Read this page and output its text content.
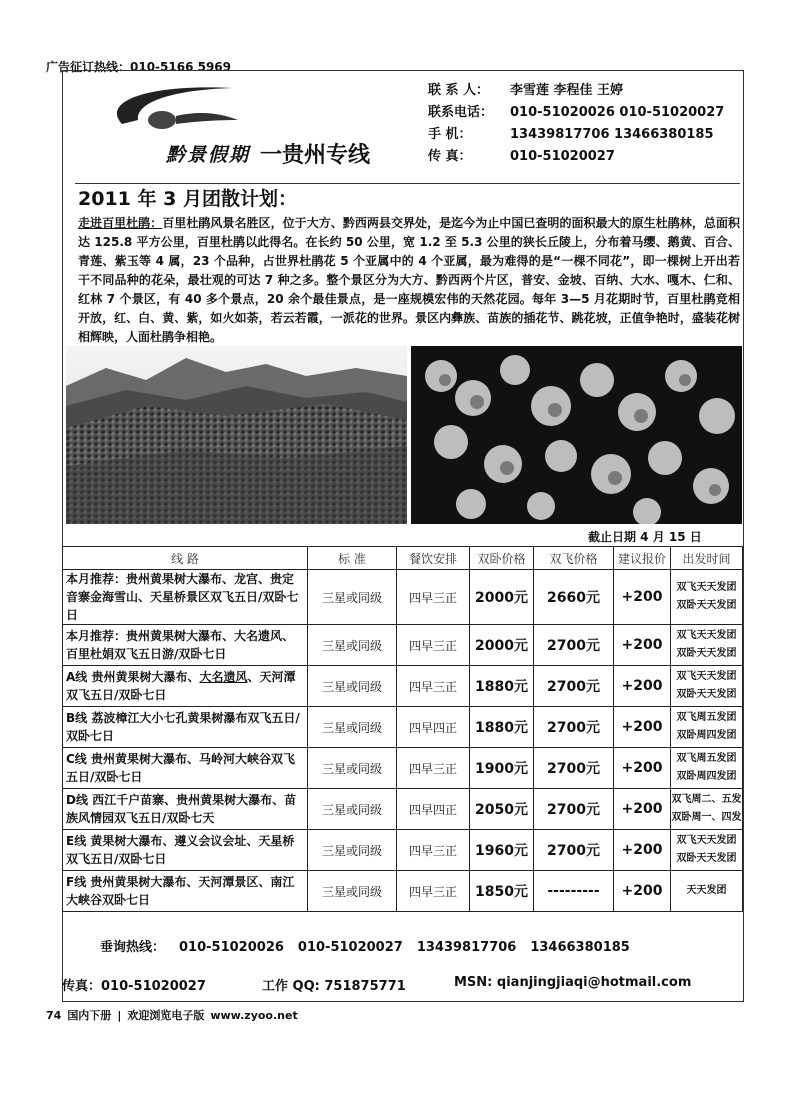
广告征订热线：010-5166 5969
黔景假期 一贵州专线
联 系 人： 李雪莲 李程佳 王婷
联系电话： 010-51020026 010-51020027
手 机：	13439817706 13466380185
传 真：	010-51020027
2011 年 3 月团散计划：
走进百里杜鹃：百里杜鹃风景名胜区，位于大方、黔西两县交界处，是迄今为止中国已查明的面积最大的原生杜鹃林，总面积达 125.8 平方公里，百里杜鹃以此得名。在长约 50 公里，宽 1.2 至 5.3 公里的狭长丘陵上，分布着马缨、鹅黄、百合、青莲、紫玉等 4 属，23 个品种，占世界杜鹃花 5 个亚属中的 4 个亚属，最为难得的是“一棵不同花”，即一棵树上开出若干不同品种的花朵，最壮观的可达 7 种之多。整个景区分为大方、黔西两个片区，普安、金坡、百纳、大水、嘎木、仁和、红林 7 个景区，有 40 多个景点，20 余个最佳景点，是一座规模宏伟的天然花园。每年 3—5 月花期时节，百里杜鹃竞相开放，红、白、黄、紫，如火如荼，若云若霞，一派花的世界。景区内彝族、苗族的插花节、跳花坡，正值争艳时，盛装花树相辉映，人面杜鹃争相艳。
截止日期 4 月 15 日
线 路	标 准	餐饮安排	双卧价格	双飞价格	建议报价	出发时间
本月推荐：贵州黄果树大瀑布、龙宫、贵定音寨金海雪山、天星桥景区双飞五日/双卧七日	三星或同级	四早三正	2000元	2660元	+200	双飞天天发团
双卧天天发团

本月推荐：贵州黄果树大瀑布、大名遗风、百里杜娟双飞五日游/双卧七日	三星或同级	四早三正	2000元	2700元	+200	双飞天天发团
双卧天天发团

A线 贵州黄果树大瀑布、大名遗风、天河潭双飞五日/双卧七日	三星或同级	四早三正	1880元	2700元	+200	双飞天天发团
双卧天天发团

B线 荔波樟江大小七孔黄果树瀑布双飞五日/双卧七日	三星或同级	四早四正	1880元	2700元	+200	双飞周五发团
双卧周四发团

C线 贵州黄果树大瀑布、马岭河大峡谷双飞五日/双卧七日	三星或同级	四早三正	1900元	2700元	+200	双飞周五发团
双卧周四发团

D线 西江千户苗寨、贵州黄果树大瀑布、苗族风情园双飞五日/双卧七天	三星或同级	四早四正	2050元	2700元	+200	双飞周二、五发
双卧周一、四发

E线 黄果树大瀑布、遵义会议会址、天星桥双飞五日/双卧七日	三星或同级	四早三正	1960元	2700元	+200	双飞天天发团
双卧天天发团

F线 贵州黄果树大瀑布、天河潭景区、南江大峡谷双卧七日	三星或同级	四早三正	1850元	---------	+200	天天发团
垂询热线： 010-51020026 010-51020027 13439817706 13466380185
传真：010-51020027	工作 QQ: 751875771	MSN: qianjingjiaqi@hotmail.com
74 国内下册 | 欢迎浏览电子版 www.zyoo.net
